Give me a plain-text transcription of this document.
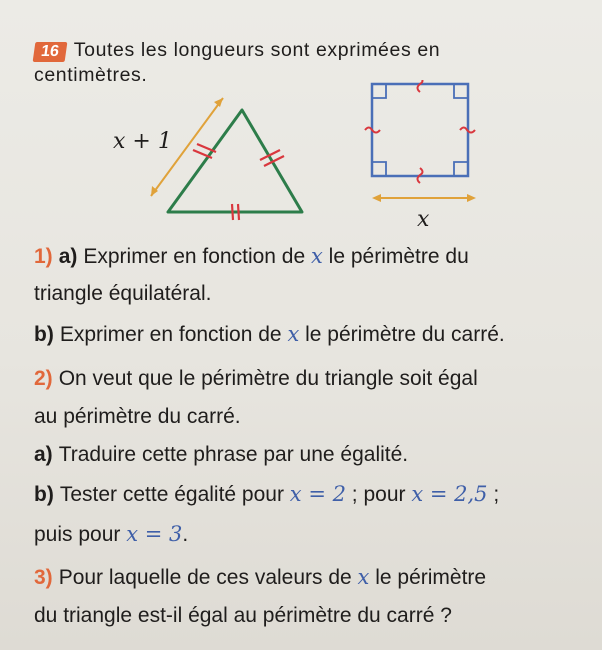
16 Toutes les longueurs sont exprimées en
centimètres.
x + 1
x
1) a) Exprimer en fonction de x le périmètre du
triangle équilatéral.
b) Exprimer en fonction de x le périmètre du carré.
2) On veut que le périmètre du triangle soit égal
au périmètre du carré.
a) Traduire cette phrase par une égalité.
b) Tester cette égalité pour x = 2 ; pour x = 2,5 ;
puis pour x = 3.
3) Pour laquelle de ces valeurs de x le périmètre
du triangle est-il égal au périmètre du carré ?
